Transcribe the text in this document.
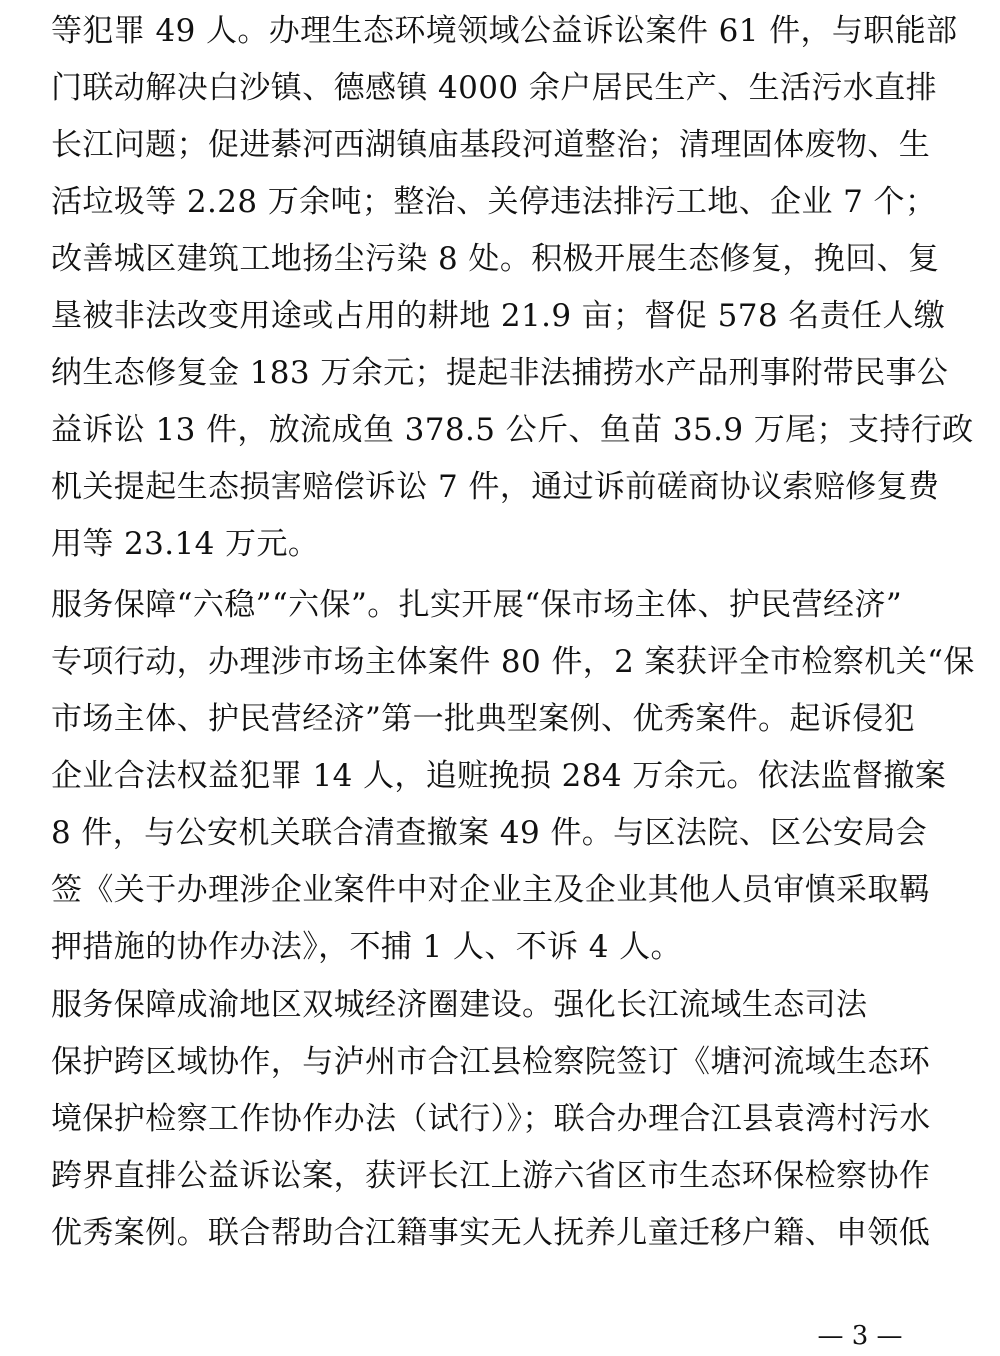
等犯罪 49 人。办理生态环境领域公益诉讼案件 61 件，与职能部
门联动解决白沙镇、德感镇 4000 余户居民生产、生活污水直排
长江问题；促进綦河西湖镇庙基段河道整治；清理固体废物、生
活垃圾等 2.28 万余吨；整治、关停违法排污工地、企业 7 个；
改善城区建筑工地扬尘污染 8 处。积极开展生态修复，挽回、复
垦被非法改变用途或占用的耕地 21.9 亩；督促 578 名责任人缴
纳生态修复金 183 万余元；提起非法捕捞水产品刑事附带民事公
益诉讼 13 件，放流成鱼 378.5 公斤、鱼苗 35.9 万尾；支持行政
机关提起生态损害赔偿诉讼 7 件，通过诉前磋商协议索赔修复费
用等 23.14 万元。
服务保障“六稳”“六保”。扎实开展“保市场主体、护民营经济”
专项行动，办理涉市场主体案件 80 件，2 案获评全市检察机关“保
市场主体、护民营经济”第一批典型案例、优秀案件。起诉侵犯
企业合法权益犯罪 14 人，追赃挽损 284 万余元。依法监督撤案
8 件，与公安机关联合清查撤案 49 件。与区法院、区公安局会
签《关于办理涉企业案件中对企业主及企业其他人员审慎采取羁
押措施的协作办法》，不捕 1 人、不诉 4 人。
服务保障成渝地区双城经济圈建设。强化长江流域生态司法
保护跨区域协作，与泸州市合江县检察院签订《塘河流域生态环
境保护检察工作协作办法（试行）》；联合办理合江县袁湾村污水
跨界直排公益诉讼案，获评长江上游六省区市生态环保检察协作
优秀案例。联合帮助合江籍事实无人抚养儿童迁移户籍、申领低
— 3 —
